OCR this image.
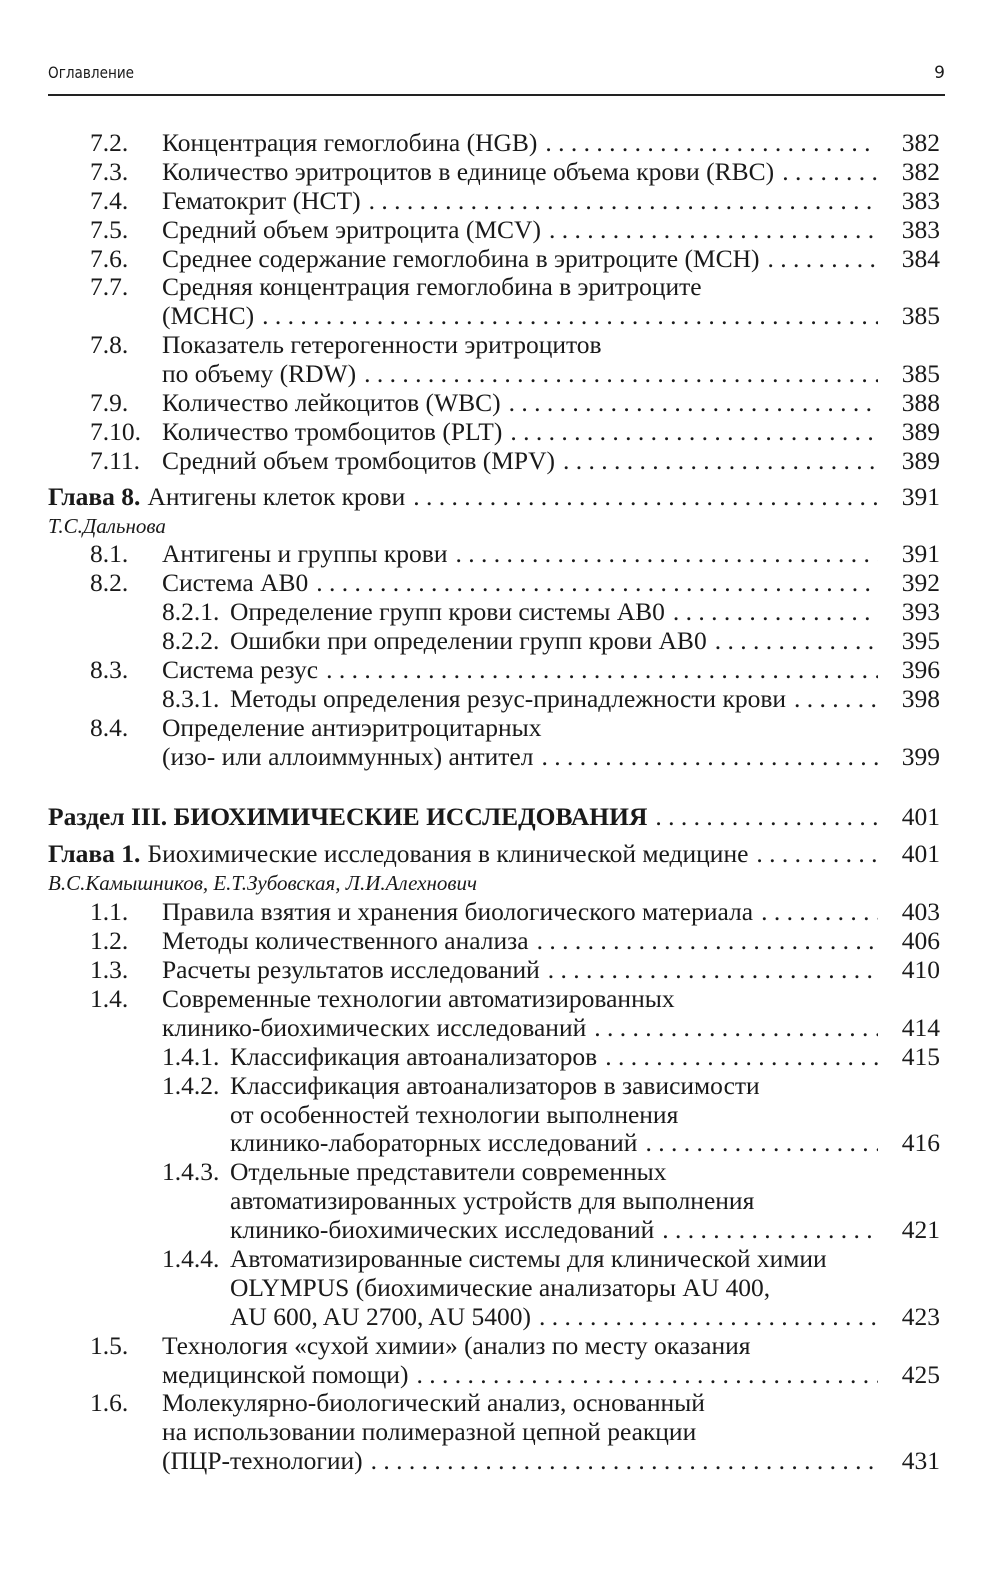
Оглавление	9
7.2.	Концентрация гемоглобина (HGB) . . .	382
7.3.	Количество эритроцитов в единице объема крови (RBC) . . .	382
7.4.	Гематокрит (HCT) . . .	383
7.5.	Средний объем эритроцита (MCV) . . .	383
7.6.	Среднее содержание гемоглобина в эритроците (MCH) . . .	384
7.7.	Средняя концентрация гемоглобина в эритроците
(MCHC) . . .	385
7.8.	Показатель гетерогенности эритроцитов
по объему (RDW) . . .	385
7.9.	Количество лейкоцитов (WBC) . . .	388
7.10. Количество тромбоцитов (PLT) . . .	389
7.11. Средний объем тромбоцитов (MPV) . . .	389
Глава 8. Антигены клеток крови . . .	391
Т.С.Дальнова
8.1.	Антигены и группы крови . . .	391
8.2.	Система АВ0 . . .	392
8.2.1. Определение групп крови системы АВ0 . . .	393
8.2.2. Ошибки при определении групп крови АВ0 . . .	395
8.3.	Система резус . . .	396
8.3.1. Методы определения резус-принадлежности крови . . .	398
8.4.	Определение антиэритроцитарных
(изо- или аллоиммунных) антител . . .	399
Раздел III. БИОХИМИЧЕСКИЕ ИССЛЕДОВАНИЯ . . .	401
Глава 1. Биохимические исследования в клинической медицине . . .	401
В.С.Камышников, Е.Т.Зубовская, Л.И.Алехнович
1.1.	Правила взятия и хранения биологического материала . . .	403
1.2.	Методы количественного анализа . . .	406
1.3.	Расчеты результатов исследований . . .	410
1.4.	Современные технологии автоматизированных
клинико-биохимических исследований . . .	414
1.4.1. Классификация автоанализаторов . . .	415
1.4.2. Классификация автоанализаторов в зависимости
от особенностей технологии выполнения
клинико-лабораторных исследований . . .	416
1.4.3. Отдельные представители современных
автоматизированных устройств для выполнения
клинико-биохимических исследований . . .	421
1.4.4. Автоматизированные системы для клинической химии
OLYMPUS (биохимические анализаторы AU 400,
AU 600, AU 2700, AU 5400) . . .	423
1.5.	Технология «сухой химии» (анализ по месту оказания
медицинской помощи) . . .	425
1.6.	Молекулярно-биологический анализ, основанный
на использовании полимеразной цепной реакции
(ПЦР-технологии) . . .	431
